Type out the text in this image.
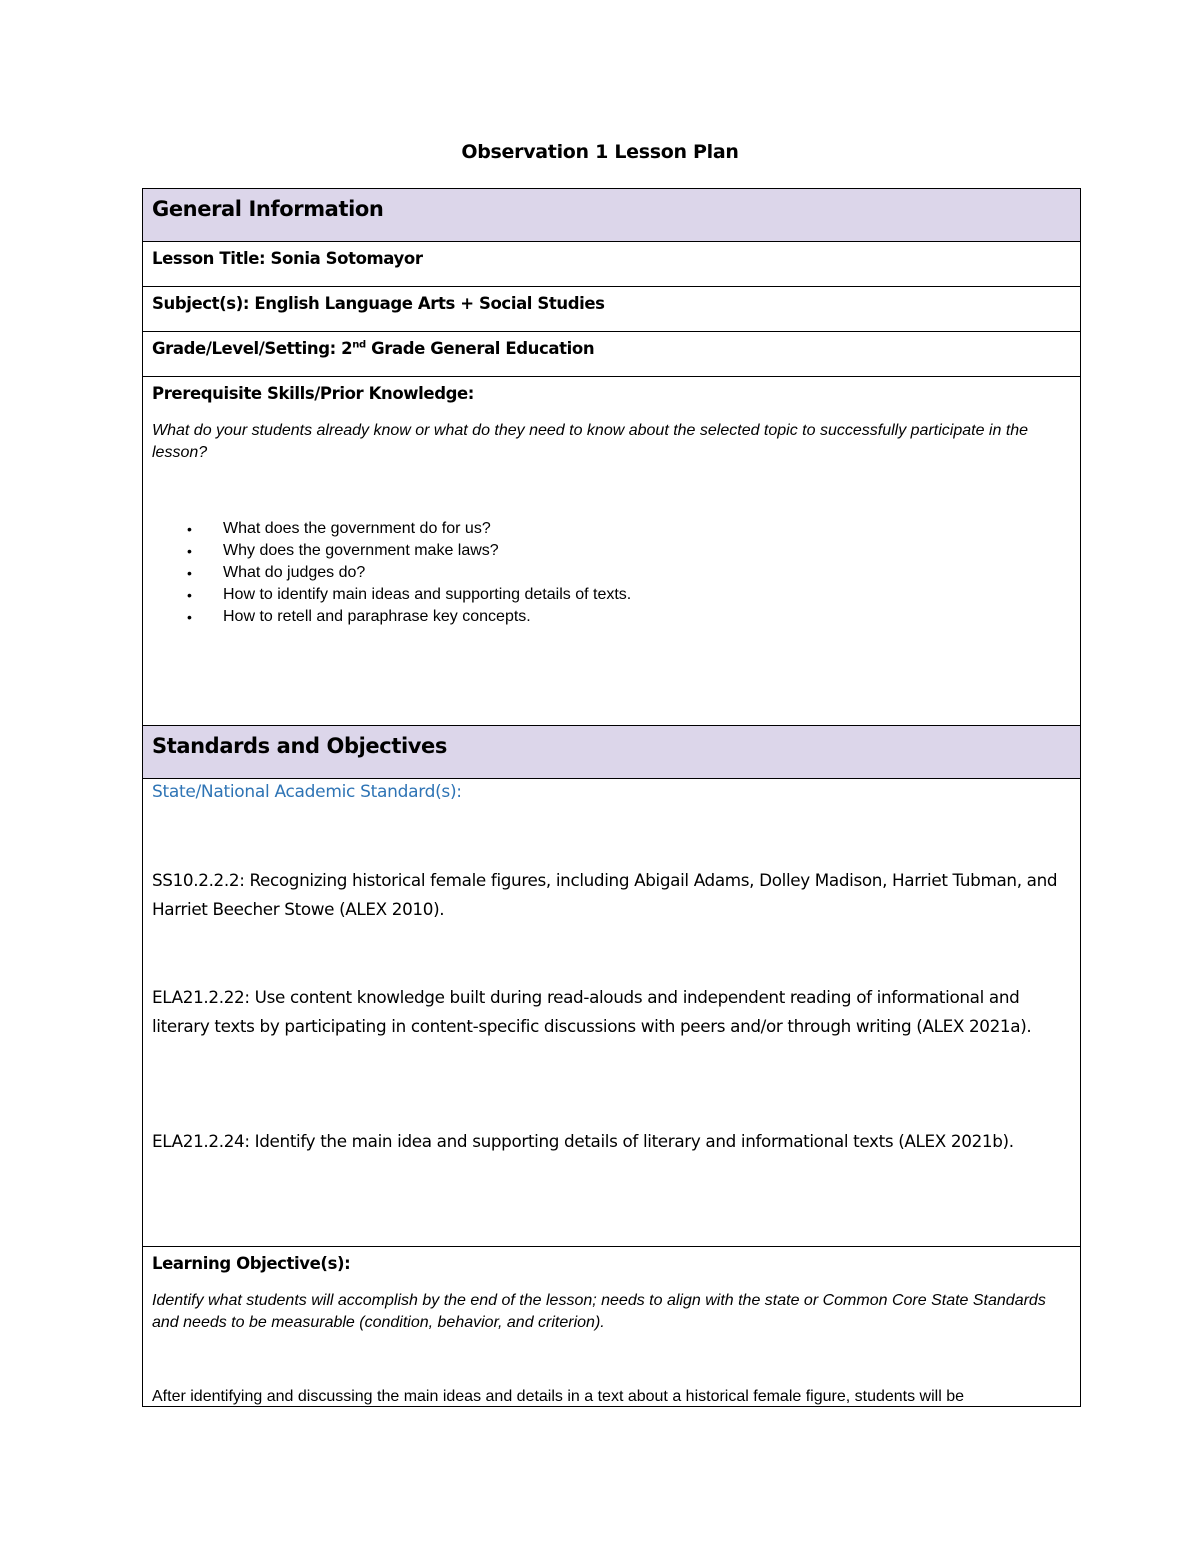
Observation 1 Lesson Plan
General Information
Lesson Title: Sonia Sotomayor
Subject(s): English Language Arts + Social Studies
Grade/Level/Setting: 2nd Grade General Education
Prerequisite Skills/Prior Knowledge:
What do your students already know or what do they need to know about the selected topic to successfully participate in the lesson?
• What does the government do for us?
• Why does the government make laws?
• What do judges do?
• How to identify main ideas and supporting details of texts.
• How to retell and paraphrase key concepts.
Standards and Objectives
State/National Academic Standard(s):
SS10.2.2.2: Recognizing historical female figures, including Abigail Adams, Dolley Madison, Harriet Tubman, and Harriet Beecher Stowe (ALEX 2010).
ELA21.2.22: Use content knowledge built during read-alouds and independent reading of informational and literary texts by participating in content-specific discussions with peers and/or through writing (ALEX 2021a).
ELA21.2.24: Identify the main idea and supporting details of literary and informational texts (ALEX 2021b).
Learning Objective(s):
Identify what students will accomplish by the end of the lesson; needs to align with the state or Common Core State Standards and needs to be measurable (condition, behavior, and criterion).
After identifying and discussing the main ideas and details in a text about a historical female figure, students will be
